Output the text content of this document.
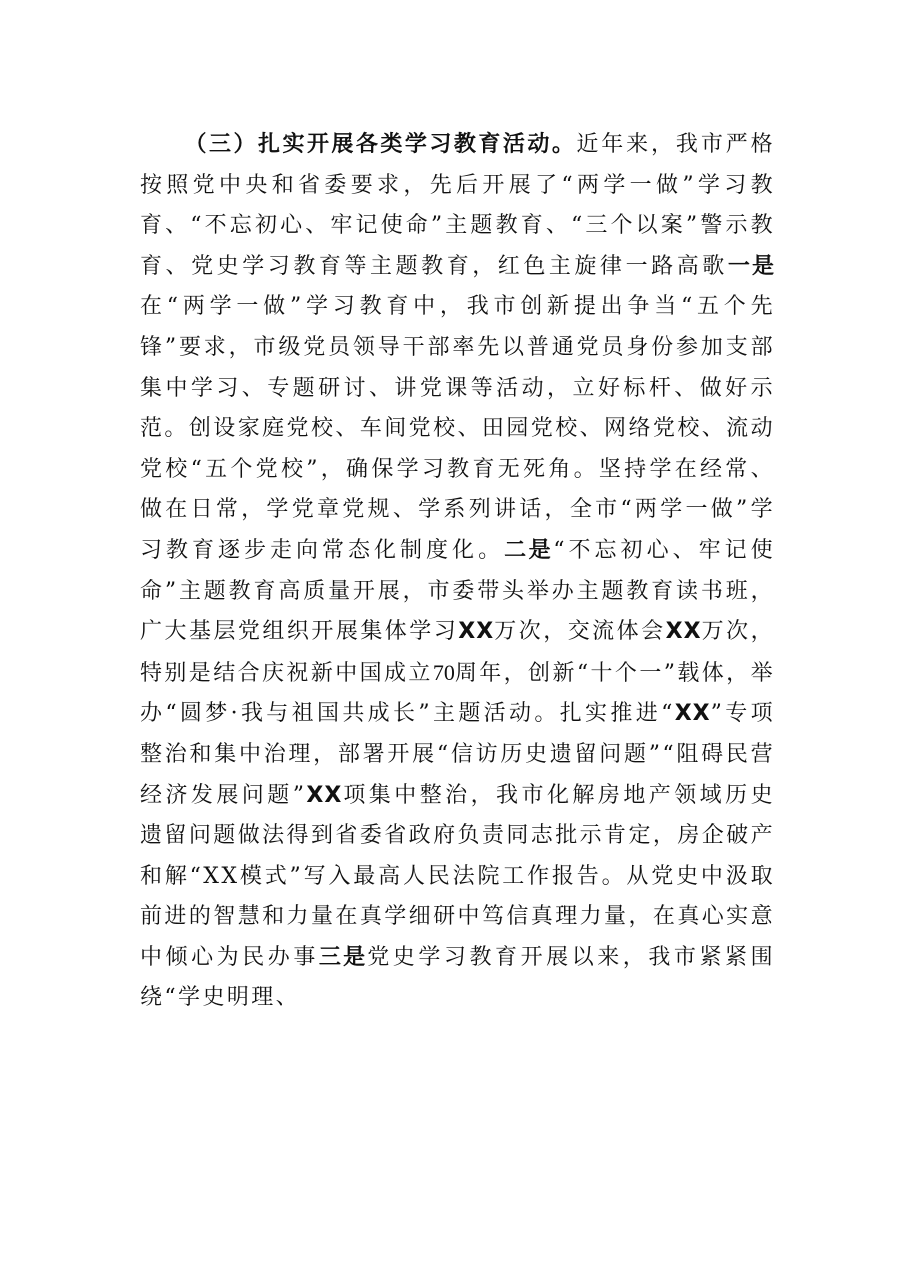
（三）扎实开展各类学习教育活动。近年来，我市严格按照党中央和省委要求，先后开展了“两学一做”学习教育、“不忘初心、牢记使命”主题教育、“三个以案”警示教育、党史学习教育等主题教育，红色主旋律一路高歌一是在“两学一做”学习教育中，我市创新提出争当“五个先锋”要求，市级党员领导干部率先以普通党员身份参加支部集中学习、专题研讨、讲党课等活动，立好标杆、做好示范。创设家庭党校、车间党校、田园党校、网络党校、流动党校“五个党校”，确保学习教育无死角。坚持学在经常、做在日常，学党章党规、学系列讲话，全市“两学一做”学习教育逐步走向常态化制度化。二是“不忘初心、牢记使命”主题教育高质量开展，市委带头举办主题教育读书班，广大基层党组织开展集体学习XX万次，交流体会XX万次，特别是结合庆祝新中国成立70周年，创新“十个一”载体，举办“圆梦·我与祖国共成长”主题活动。扎实推进“XX”专项整治和集中治理，部署开展“信访历史遗留问题”“阻碍民营经济发展问题”XX项集中整治，我市化解房地产领域历史遗留问题做法得到省委省政府负责同志批示肯定，房企破产和解“XX模式”写入最高人民法院工作报告。从党史中汲取前进的智慧和力量在真学细研中笃信真理力量，在真心实意中倾心为民办事三是党史学习教育开展以来，我市紧紧围绕“学史明理、
